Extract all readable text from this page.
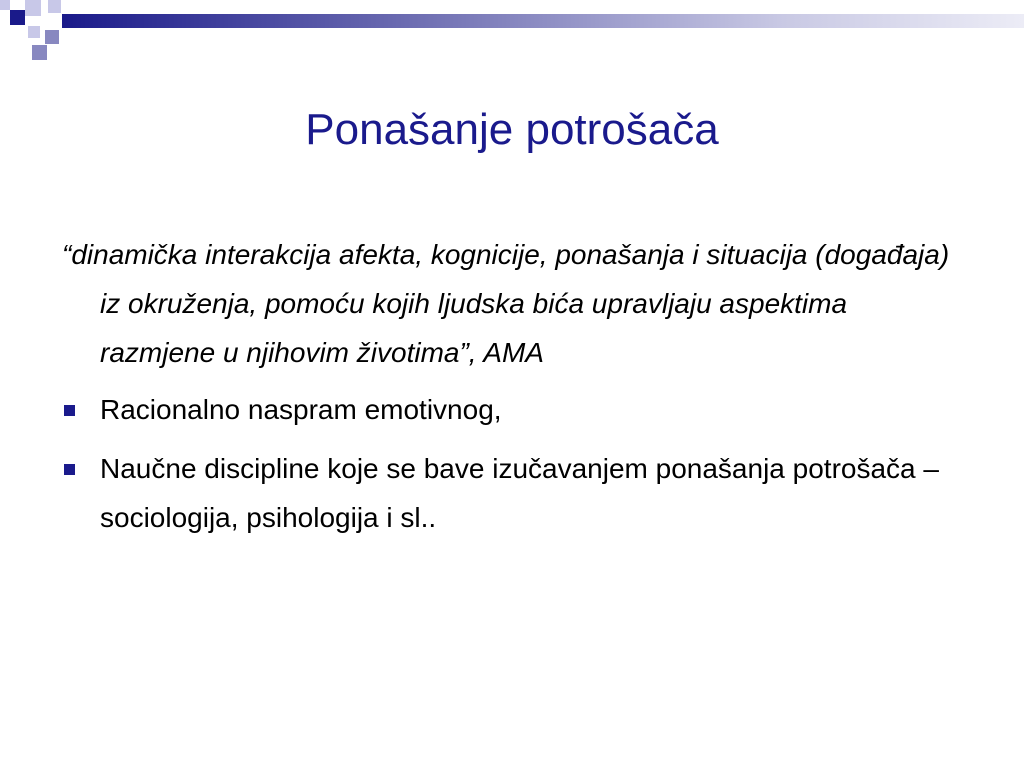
Ponašanje potrošača

“dinamička interakcija afekta, kognicije, ponašanja i situacija (događaja) iz okruženja, pomoću kojih ljudska bića upravljaju aspektima razmjene u njihovim životima”, AMA

Racionalno naspram emotivnog,
Naučne discipline koje se bave izučavanjem ponašanja potrošača – sociologija, psihologija i sl..
